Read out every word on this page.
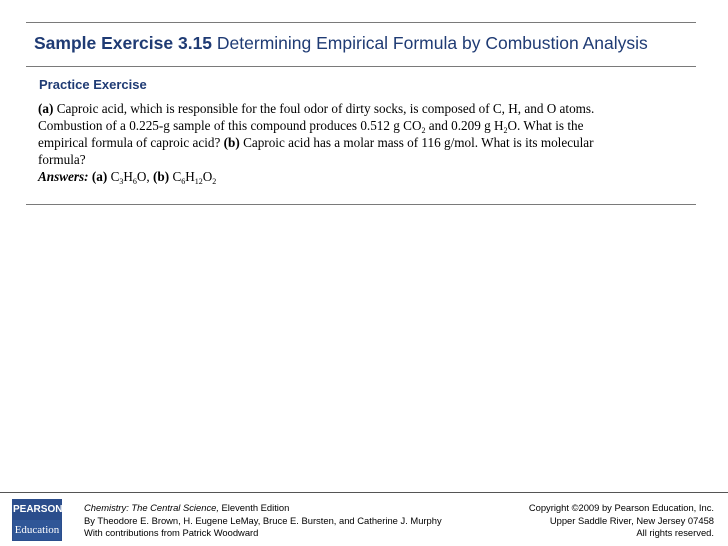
Sample Exercise 3.15 Determining Empirical Formula by Combustion Analysis
Practice Exercise
(a) Caproic acid, which is responsible for the foul odor of dirty socks, is composed of C, H, and O atoms.
Combustion of a 0.225-g sample of this compound produces 0.512 g $CO_2$ and 0.209 g $H_2O$. What is the
empirical formula of caproic acid? (b) Caproic acid has a molar mass of 116 g/mol. What is its molecular
formula?
Answers: (a) $C_3H_6O$, (b) $C_6H_{12}O_2$
PEARSON
Education
Chemistry: The Central Science, Eleventh Edition
By Theodore E. Brown, H. Eugene LeMay, Bruce E. Bursten, and Catherine J. Murphy
With contributions from Patrick Woodward
Copyright ©2009 by Pearson Education, Inc.
Upper Saddle River, New Jersey 07458
All rights reserved.
